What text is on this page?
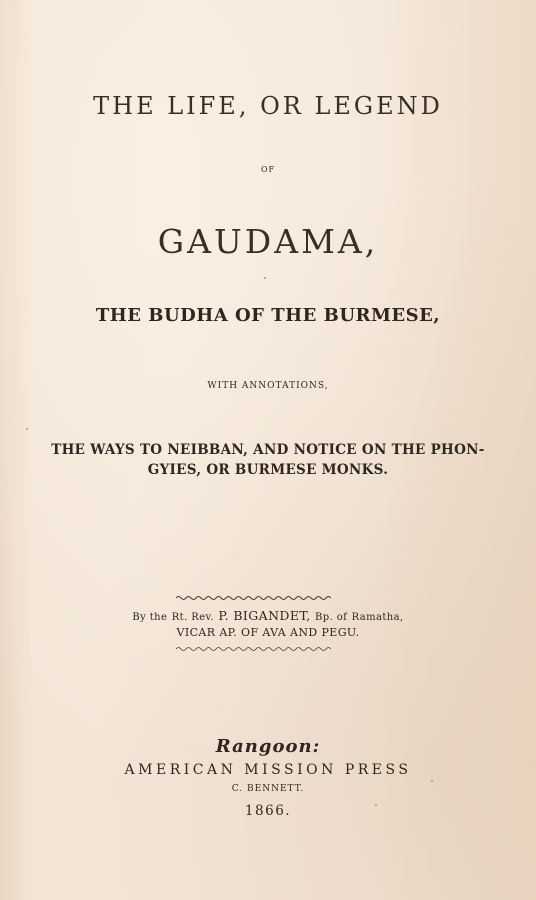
THE LIFE, OR LEGEND
OF
GAUDAMA,
THE BUDHA OF THE BURMESE,
WITH ANNOTATIONS,
THE WAYS TO NEIBBAN, AND NOTICE ON THE PHON-
GYIES, OR BURMESE MONKS.
By the Rt. Rev. P. BIGANDET, Bp. of Ramatha,
VICAR AP. OF AVA AND PEGU.
Rangoon:
AMERICAN MISSION PRESS
C. BENNETT.
1866.
